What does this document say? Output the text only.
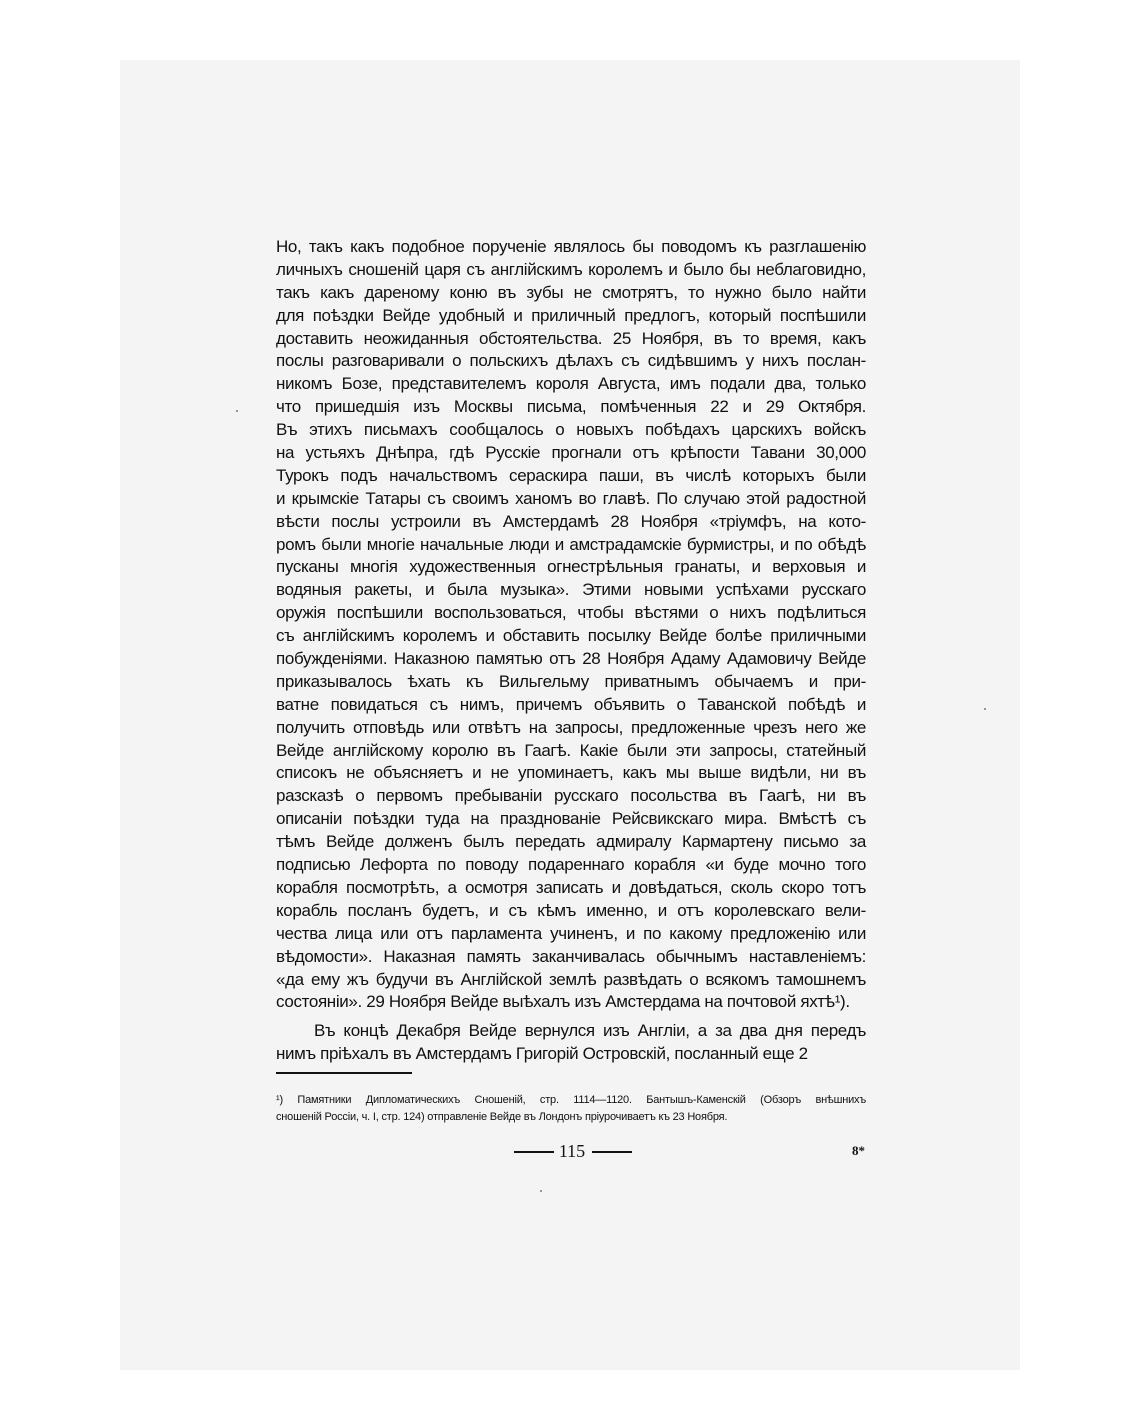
Но, такъ какъ подобное порученiе являлось бы поводомъ къ разглашенiю
личныхъ сношенiй царя съ англiйскимъ королемъ и было бы неблаговидно,
такъ какъ дареному коню въ зубы не смотрятъ, то нужно было найти
для поѣздки Вейде удобный и приличный предлогъ, который поспѣшили
доставить неожиданныя обстоятельства. 25 Ноября, въ то время, какъ
послы разговаривали о польскихъ дѣлахъ съ сидѣвшимъ у нихъ послан-
никомъ Бозе, представителемъ короля Августа, имъ подали два, только
что пришедшiя изъ Москвы письма, помѣченныя 22 и 29 Октября.
Въ этихъ письмахъ сообщалось о новыхъ побѣдахъ царскихъ войскъ
на устьяхъ Днѣпра, гдѣ Русскiе прогнали отъ крѣпости Тавани 30,000
Турокъ подъ начальствомъ сераскира паши, въ числѣ которыхъ были
и крымскiе Татары съ своимъ ханомъ во главѣ. По случаю этой радостной
вѣсти послы устроили въ Амстердамѣ 28 Ноября «трiумфъ, на кото-
ромъ были многiе начальные люди и амстрадамскiе бурмистры, и по обѣдѣ
пусканы многiя художественныя огнестрѣльныя гранаты, и верховыя и
водяныя ракеты, и была музыка». Этими новыми успѣхами русскаго
оружiя поспѣшили воспользоваться, чтобы вѣстями о нихъ подѣлиться
съ англiйскимъ королемъ и обставить посылку Вейде болѣе приличными
побужденiями. Наказною памятью отъ 28 Ноября Адаму Адамовичу Вейде
приказывалось ѣхать къ Вильгельму приватнымъ обычаемъ и при-
ватне повидаться съ нимъ, причемъ объявить о Таванской побѣдѣ и
получить отповѣдь или отвѣтъ на запросы, предложенные чрезъ него же
Вейде англiйскому королю въ Гаагѣ. Какiе были эти запросы, статейный
списокъ не объясняетъ и не упоминаетъ, какъ мы выше видѣли, ни въ
разсказѣ о первомъ пребыванiи русскаго посольства въ Гаагѣ, ни въ
описанiи поѣздки туда на празднованiе Рейсвикскаго мира. Вмѣстѣ съ
тѣмъ Вейде долженъ былъ передать адмиралу Кармартену письмо за
подписью Лефорта по поводу подареннаго корабля «и буде мочно того
корабля посмотрѣть, а осмотря записать и довѣдаться, сколь скоро тотъ
корабль посланъ будетъ, и съ кѣмъ именно, и отъ королевскаго вели-
чества лица или отъ парламента учиненъ, и по какому предложенiю или
вѣдомости». Наказная память заканчивалась обычнымъ наставленiемъ:
«да ему жъ будучи въ Англiйской землѣ развѣдать о всякомъ тамошнемъ
состоянiи». 29 Ноября Вейде выѣхалъ изъ Амстердама на почтовой яхтѣ¹).
Въ концѣ Декабря Вейде вернулся изъ Англiи, а за два дня передъ
нимъ прiѣхалъ въ Амстердамъ Григорiй Островскiй, посланный еще 2
¹) Памятники Дипломатическихъ Сношенiй, стр. 1114—1120. Бантышъ-Каменскiй (Обзоръ внѣшнихъ
сношенiй Россiи, ч. I, стр. 124) отправленiе Вейде въ Лондонъ прiурочиваетъ къ 23 Ноября.
115	8*
